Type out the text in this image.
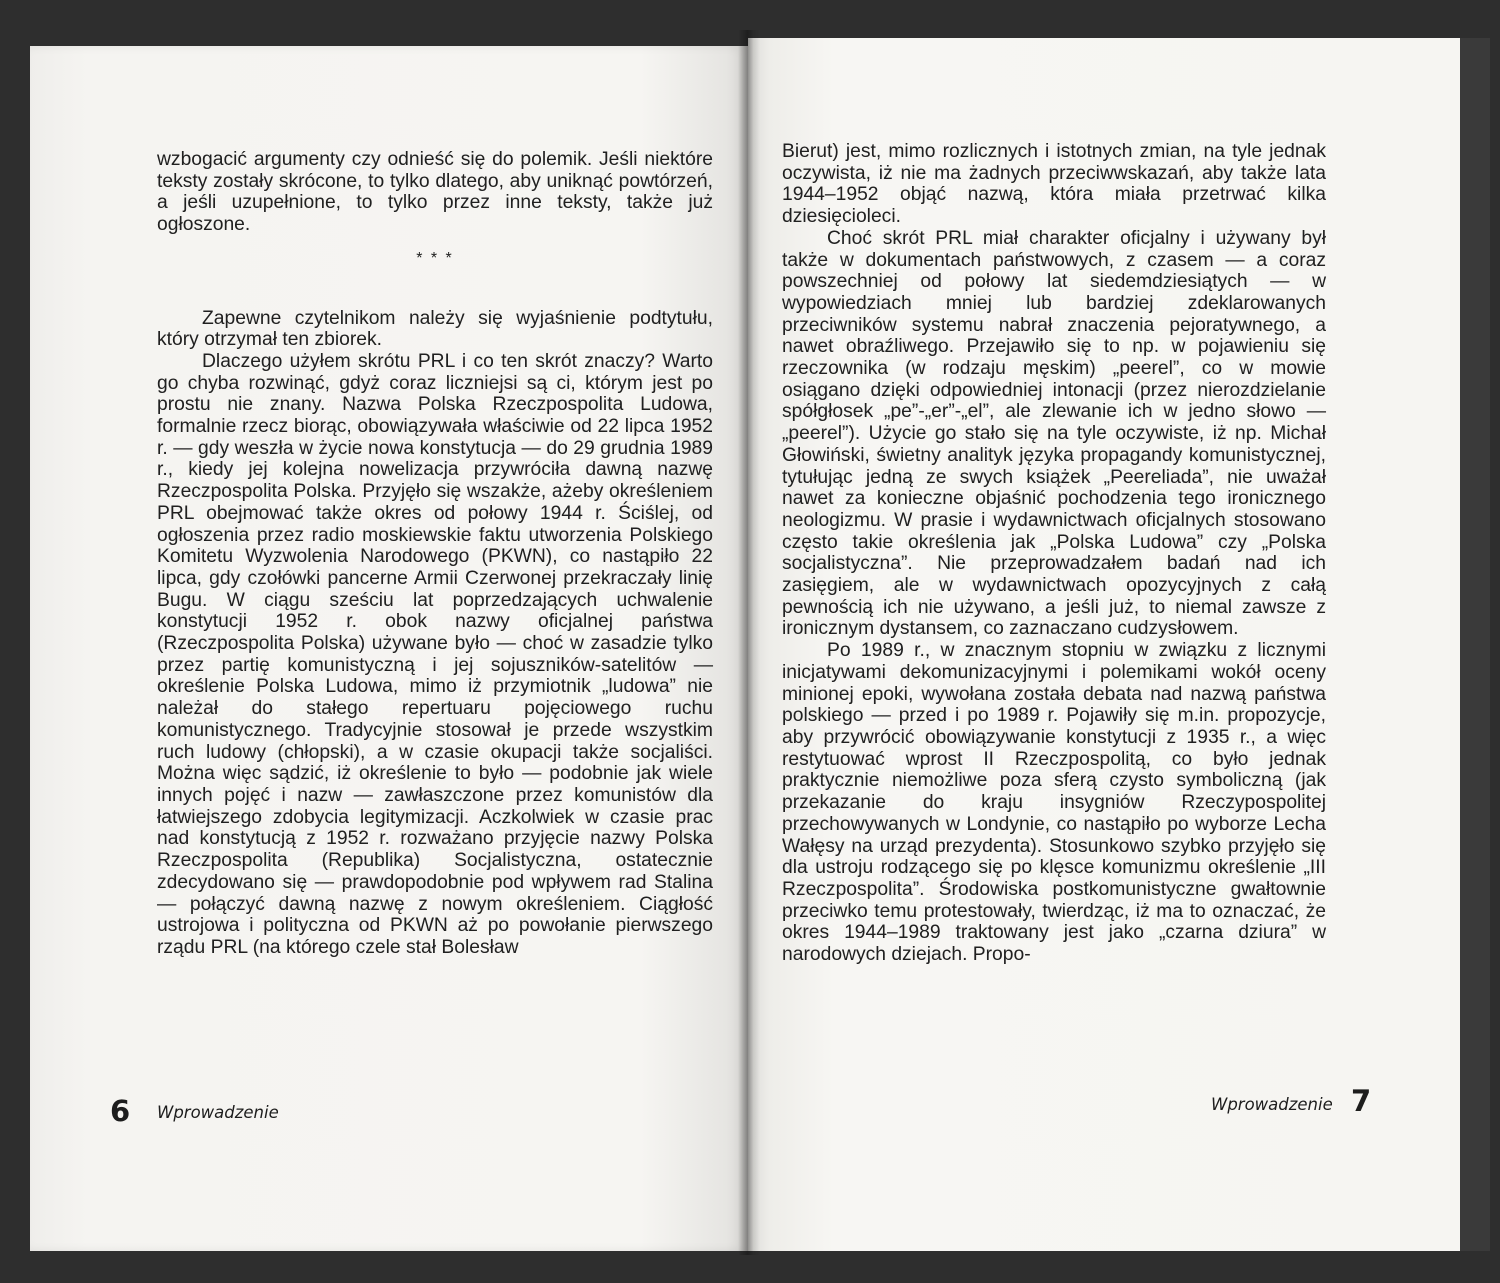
wzbogacić argumenty czy odnieść się do polemik. Jeśli niektóre teksty zostały skrócone, to tylko dlatego, aby uniknąć powtórzeń, a jeśli uzupełnione, to tylko przez inne teksty, także już ogłoszone.

* * *

Zapewne czytelnikom należy się wyjaśnienie podtytułu, który otrzymał ten zbiorek.

Dlaczego użyłem skrótu PRL i co ten skrót znaczy? Warto go chyba rozwinąć, gdyż coraz liczniejsi są ci, którym jest po prostu nie znany. Nazwa Polska Rzeczpospolita Ludowa, formalnie rzecz biorąc, obowiązywała właściwie od 22 lipca 1952 r. — gdy weszła w życie nowa konstytucja — do 29 grudnia 1989 r., kiedy jej kolejna nowelizacja przywróciła dawną nazwę Rzeczpospolita Polska. Przyjęło się wszakże, ażeby określeniem PRL obejmować także okres od połowy 1944 r. Ściślej, od ogłoszenia przez radio moskiewskie faktu utworzenia Polskiego Komitetu Wyzwolenia Narodowego (PKWN), co nastąpiło 22 lipca, gdy czołówki pancerne Armii Czerwonej przekraczały linię Bugu. W ciągu sześciu lat poprzedzających uchwalenie konstytucji 1952 r. obok nazwy oficjalnej państwa (Rzeczpospolita Polska) używane było — choć w zasadzie tylko przez partię komunistyczną i jej sojuszników-satelitów — określenie Polska Ludowa, mimo iż przymiotnik „ludowa” nie należał do stałego repertuaru pojęciowego ruchu komunistycznego. Tradycyjnie stosował je przede wszystkim ruch ludowy (chłopski), a w czasie okupacji także socjaliści. Można więc sądzić, iż określenie to było — podobnie jak wiele innych pojęć i nazw — zawłaszczone przez komunistów dla łatwiejszego zdobycia legitymizacji. Aczkolwiek w czasie prac nad konstytucją z 1952 r. rozważano przyjęcie nazwy Polska Rzeczpospolita (Republika) Socjalistyczna, ostatecznie zdecydowano się — prawdopodobnie pod wpływem rad Stalina — połączyć dawną nazwę z nowym określeniem. Ciągłość ustrojowa i polityczna od PKWN aż po powołanie pierwszego rządu PRL (na którego czele stał Bolesław

6 Wprowadzenie

Bierut) jest, mimo rozlicznych i istotnych zmian, na tyle jednak oczywista, iż nie ma żadnych przeciwwskazań, aby także lata 1944–1952 objąć nazwą, która miała przetrwać kilka dziesięcioleci.

Choć skrót PRL miał charakter oficjalny i używany był także w dokumentach państwowych, z czasem — a coraz powszechniej od połowy lat siedemdziesiątych — w wypowiedziach mniej lub bardziej zdeklarowanych przeciwników systemu nabrał znaczenia pejoratywnego, a nawet obraźliwego. Przejawiło się to np. w pojawieniu się rzeczownika (w rodzaju męskim) „peerel”, co w mowie osiągano dzięki odpowiedniej intonacji (przez nierozdzielanie spółgłosek „pe”-„er”-„el”, ale zlewanie ich w jedno słowo — „peerel”). Użycie go stało się na tyle oczywiste, iż np. Michał Głowiński, świetny analityk języka propagandy komunistycznej, tytułując jedną ze swych książek „Peereliada”, nie uważał nawet za konieczne objaśnić pochodzenia tego ironicznego neologizmu. W prasie i wydawnictwach oficjalnych stosowano często takie określenia jak „Polska Ludowa” czy „Polska socjalistyczna”. Nie przeprowadzałem badań nad ich zasięgiem, ale w wydawnictwach opozycyjnych z całą pewnością ich nie używano, a jeśli już, to niemal zawsze z ironicznym dystansem, co zaznaczano cudzysłowem.

Po 1989 r., w znacznym stopniu w związku z licznymi inicjatywami dekomunizacyjnymi i polemikami wokół oceny minionej epoki, wywołana została debata nad nazwą państwa polskiego — przed i po 1989 r. Pojawiły się m.in. propozycje, aby przywrócić obowiązywanie konstytucji z 1935 r., a więc restytuować wprost II Rzeczpospolitą, co było jednak praktycznie niemożliwe poza sferą czysto symboliczną (jak przekazanie do kraju insygniów Rzeczypospolitej przechowywanych w Londynie, co nastąpiło po wyborze Lecha Wałęsy na urząd prezydenta). Stosunkowo szybko przyjęło się dla ustroju rodzącego się po klęsce komunizmu określenie „III Rzeczpospolita”. Środowiska postkomunistyczne gwałtownie przeciwko temu protestowały, twierdząc, iż ma to oznaczać, że okres 1944–1989 traktowany jest jako „czarna dziura” w narodowych dziejach. Propo-

Wprowadzenie 7
